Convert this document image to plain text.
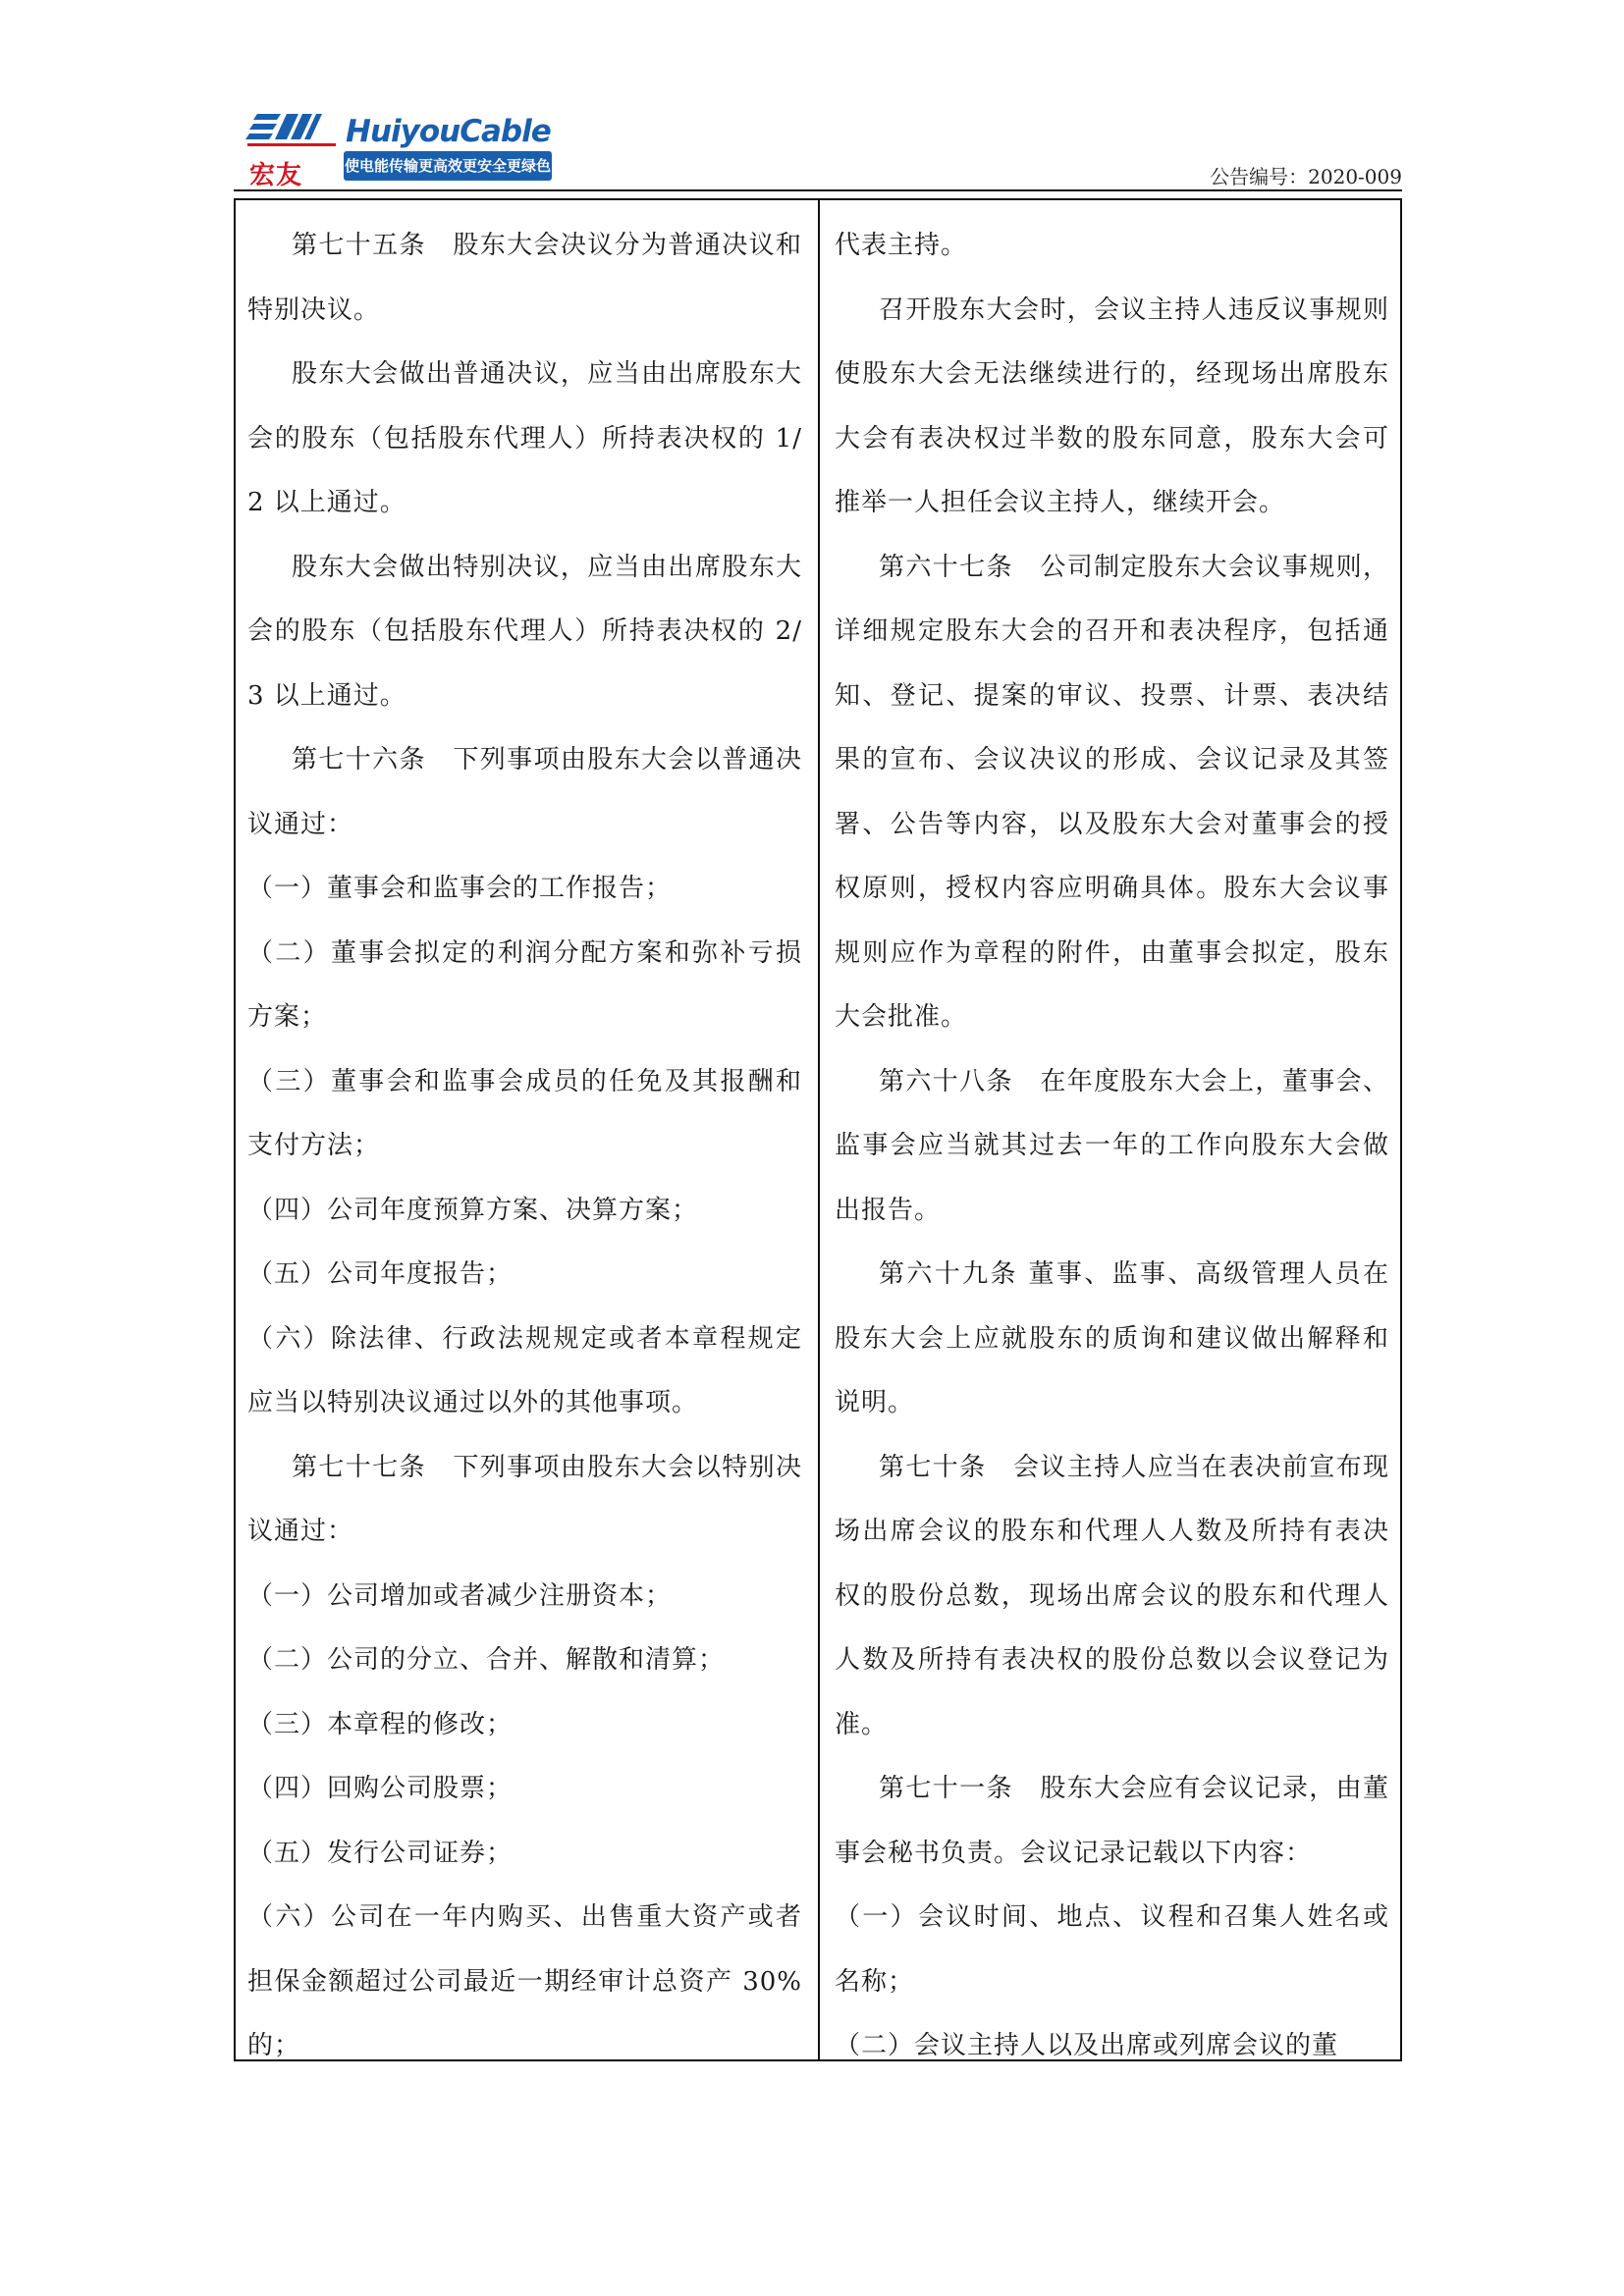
宏友
HuiyouCable
使电能传输更高效更安全更绿色	公告编号：2020-009

第七十五条　股东大会决议分为普通决议和特别决议。

股东大会做出普通决议，应当由出席股东大会的股东（包括股东代理人）所持表决权的 1/2 以上通过。

股东大会做出特别决议，应当由出席股东大会的股东（包括股东代理人）所持表决权的 2/3 以上通过。

第七十六条　下列事项由股东大会以普通决议通过：

（一）董事会和监事会的工作报告；

（二）董事会拟定的利润分配方案和弥补亏损方案；

（三）董事会和监事会成员的任免及其报酬和支付方法；

（四）公司年度预算方案、决算方案；

（五）公司年度报告；

（六）除法律、行政法规规定或者本章程规定应当以特别决议通过以外的其他事项。

第七十七条　下列事项由股东大会以特别决议通过：

（一）公司增加或者减少注册资本；

（二）公司的分立、合并、解散和清算；

（三）本章程的修改；

（四）回购公司股票；

（五）发行公司证券；

（六）公司在一年内购买、出售重大资产或者担保金额超过公司最近一期经审计总资产 30%的；

代表主持。

召开股东大会时，会议主持人违反议事规则使股东大会无法继续进行的，经现场出席股东大会有表决权过半数的股东同意，股东大会可推举一人担任会议主持人，继续开会。

第六十七条　公司制定股东大会议事规则，详细规定股东大会的召开和表决程序，包括通知、登记、提案的审议、投票、计票、表决结果的宣布、会议决议的形成、会议记录及其签署、公告等内容，以及股东大会对董事会的授权原则，授权内容应明确具体。股东大会议事规则应作为章程的附件，由董事会拟定，股东大会批准。

第六十八条　在年度股东大会上，董事会、监事会应当就其过去一年的工作向股东大会做出报告。

第六十九条 董事、监事、高级管理人员在股东大会上应就股东的质询和建议做出解释和说明。

第七十条　会议主持人应当在表决前宣布现场出席会议的股东和代理人人数及所持有表决权的股份总数，现场出席会议的股东和代理人人数及所持有表决权的股份总数以会议登记为准。

第七十一条　股东大会应有会议记录，由董事会秘书负责。会议记录记载以下内容：

（一）会议时间、地点、议程和召集人姓名或名称；

（二）会议主持人以及出席或列席会议的董
